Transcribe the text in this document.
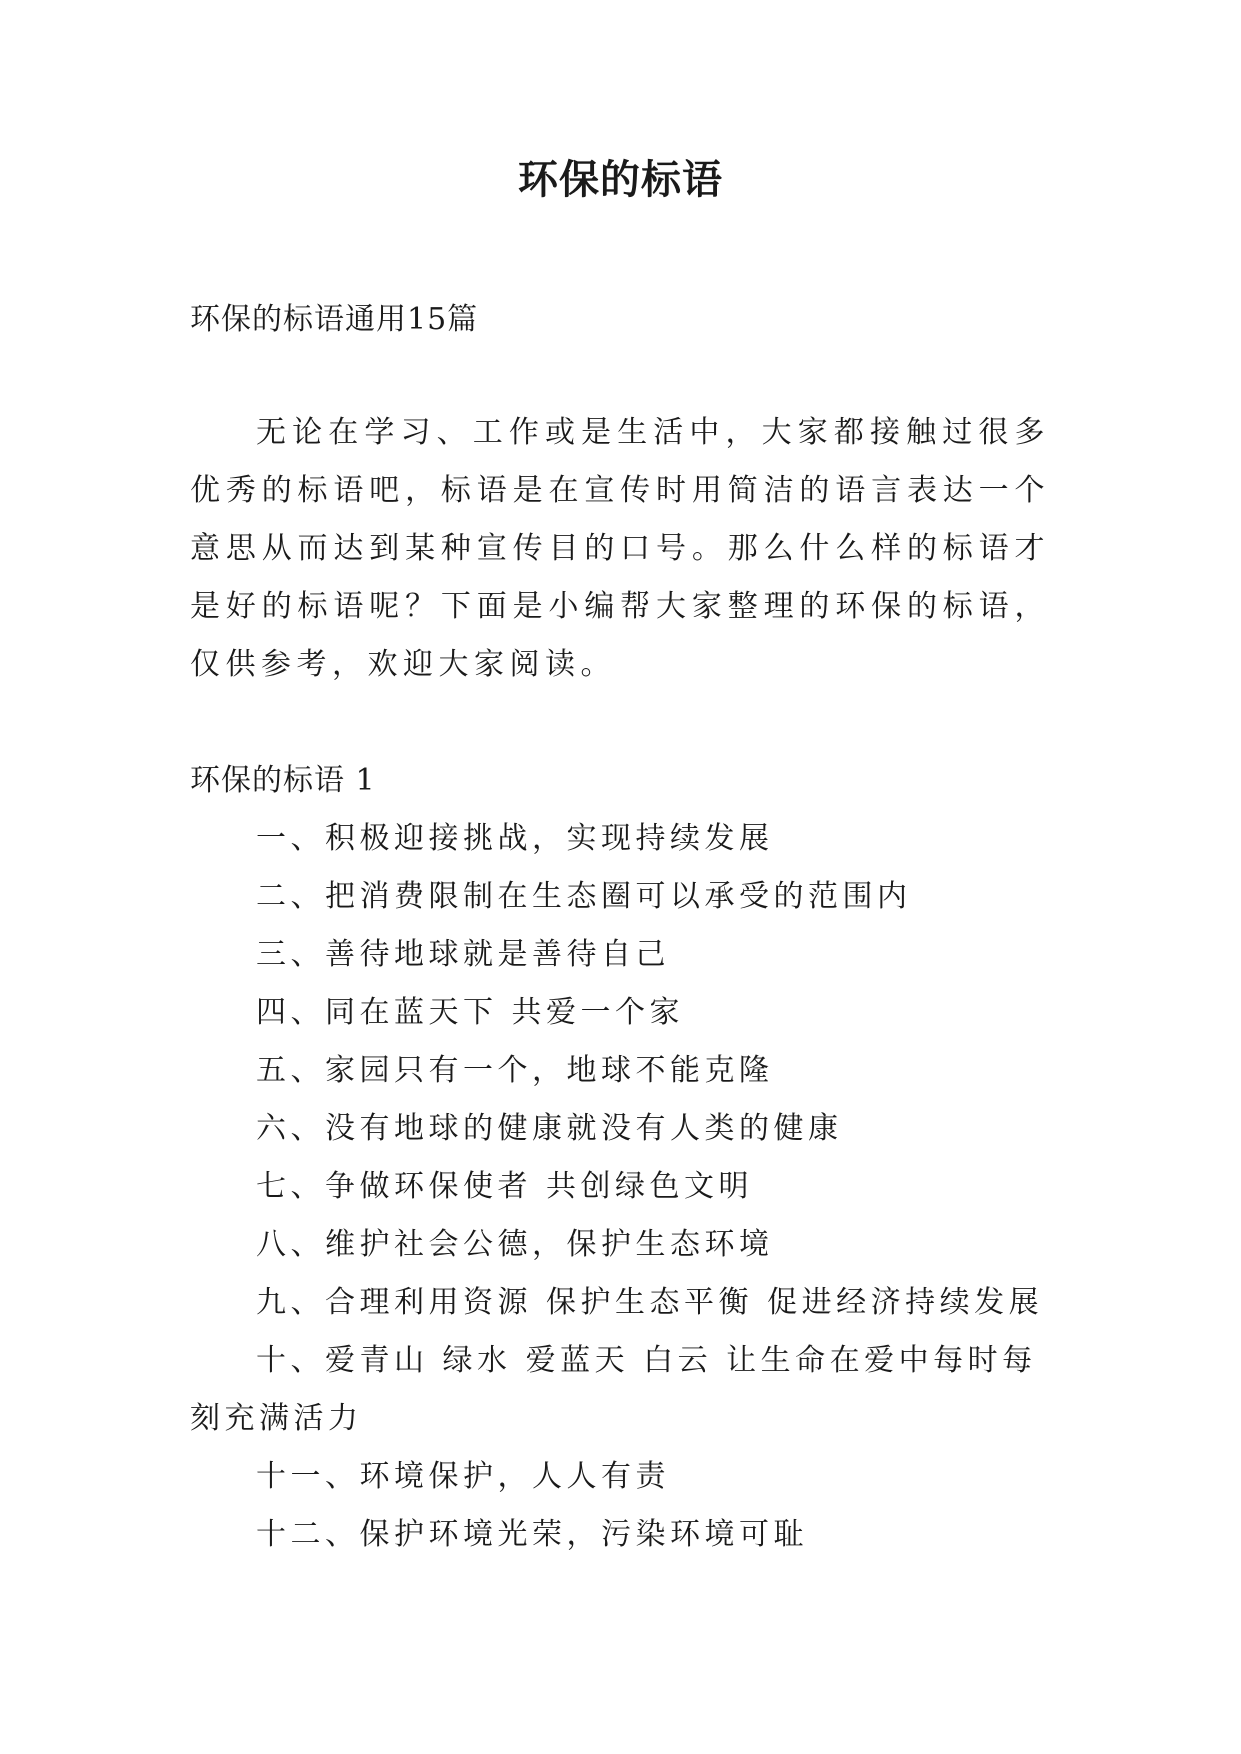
环保的标语
环保的标语通用15篇

无论在学习、工作或是生活中，大家都接触过很多优秀的标语吧，标语是在宣传时用简洁的语言表达一个意思从而达到某种宣传目的口号。那么什么样的标语才是好的标语呢？下面是小编帮大家整理的环保的标语，仅供参考，欢迎大家阅读。

环保的标语 1
一、积极迎接挑战，实现持续发展
二、把消费限制在生态圈可以承受的范围内
三、善待地球就是善待自己
四、同在蓝天下 共爱一个家
五、家园只有一个，地球不能克隆
六、没有地球的健康就没有人类的健康
七、争做环保使者 共创绿色文明
八、维护社会公德，保护生态环境
九、合理利用资源 保护生态平衡 促进经济持续发展
十、爱青山 绿水 爱蓝天 白云 让生命在爱中每时每刻充满活力
十一、环境保护，人人有责
十二、保护环境光荣，污染环境可耻
